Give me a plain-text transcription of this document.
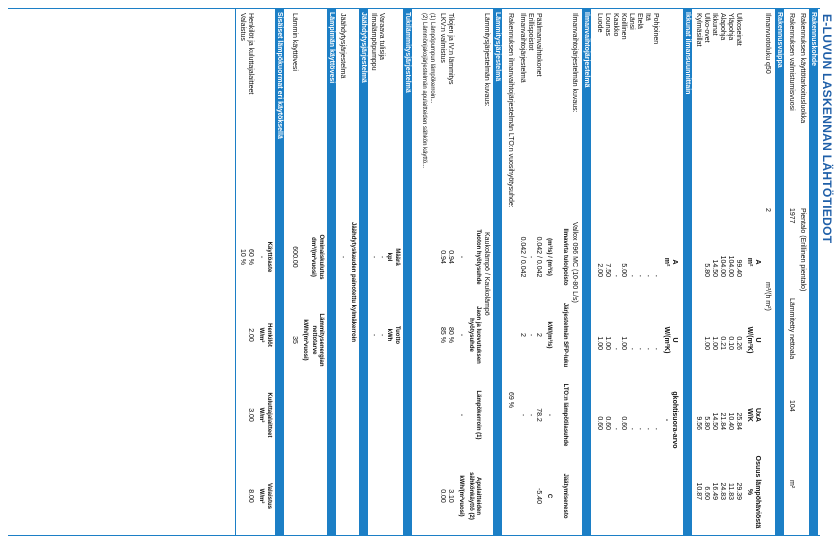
E-LUVUN LASKENNAN LÄHTÖTIEDOT
Rakennuskohde
Rakennuksen käyttötarkoitusluokka
Pientalo (Erillinen pientalo)
Rakennuksen valmistumisvuosi
1977
Lämmitetty nettoala
104
m²
Rakennusvaippa
Ilmanvuotoluku q50
2
m³/(h m²)
A
m²
U
W/(m²K)
UxA
W/K
Osuus lämpöhäviöstä
%
Ulkoseinät
99.40
0.26
25.84
29.39
Yläpohja
104.00
0.10
10.40
11.83
Alapohja
104.00
0.21
21.84
24.83
Ikkunat
14.50
1.00
14.50
16.49
Ulko-ovet
5.80
1.00
5.80
6.60
Kylmäsillat
9.56
10.87
Ikkunat ilmansuunnittain
A
m²
U
W/(m²K)
gkohtisuora-arvo
-
Pohjoinen
-
-
-
Itä
-
-
-
Etelä
-
-
-
Länsi
-
-
-
Koillinen
5.00
1.00
0.60
Kaakko
-
-
-
Lounas
7.50
1.00
0.60
Luode
2.00
1.00
0.60
Ilmanvaihtojärjestelmä
Ilmanvaihtojärjestelmän kuvaus:
Vallox 096 MC (10-80 L/s)
Ilmavirta tulo/poisto
(m³/s) / (m³/s)
Järjestelmän SFP-luku
kW/(m³/s)
LTO:n lämpötilasuhde
-
Jäätymisenesto
C
Päälmanvaihtokonet
0.042 / 0.042
2
78.2
-5.40
Erillispoistot
-
-
-
Ilmanvaihtojärjestelmä
0.042 / 0.042
2
-
Rakennuksen ilmanvaihtojärjestelmän LTO:n vuosihyötysuhde:
69 %
Lämmitysjärjestelmä
Lämmitysjärjestelmän kuvaus:
Kaukolämpö / Kaukolämpö
Tuoton hyötysuhde
-
Jaon ja luovutuksen hyötysuhde
-
Lämpökerroin (1)
-
Apulaitteiden sähkönkäyttö (2)
kWh/(m²vuosi)
Tilojen ja IV:n lämmitys
0.94
80 %
3.10
LKV:n valmistus
0.94
85 %
0.00
(1) Lämpöpumpun lämpökerroin...
(2) Lämmönjakojärjestelmän apulaitteiden sähkön käyttö...
Tukilämmitysjärjestelmä
Määrä
kpl
Tuotto
kWh
Varaava tulisija
-
-
Ilmalämpöpumppu
-
-
Jäähdytysjärjestelmä
Jäähdytyskauden painotettu kylmäkerroin
Jäähdytysjärjestelmä
-
Lämpimän käyttövesi
Ominaiskulutus
dm³/(m²vuosi)
Lämmitysenergian nettotarve
kWh/(m²vuosi)
Lämmin käyttövesi
600.00
35
Sisäiset lämpökuormat eri käytöksellä
Käyttöaste
-
Henkilöt
W/m²
Kuluttajalaitteet
W/m²
Valaistus
W/m²
Henkilöt ja kuluttajalaitteet
60 %
2.00
3.00
8.00
Valaistus
10 %
